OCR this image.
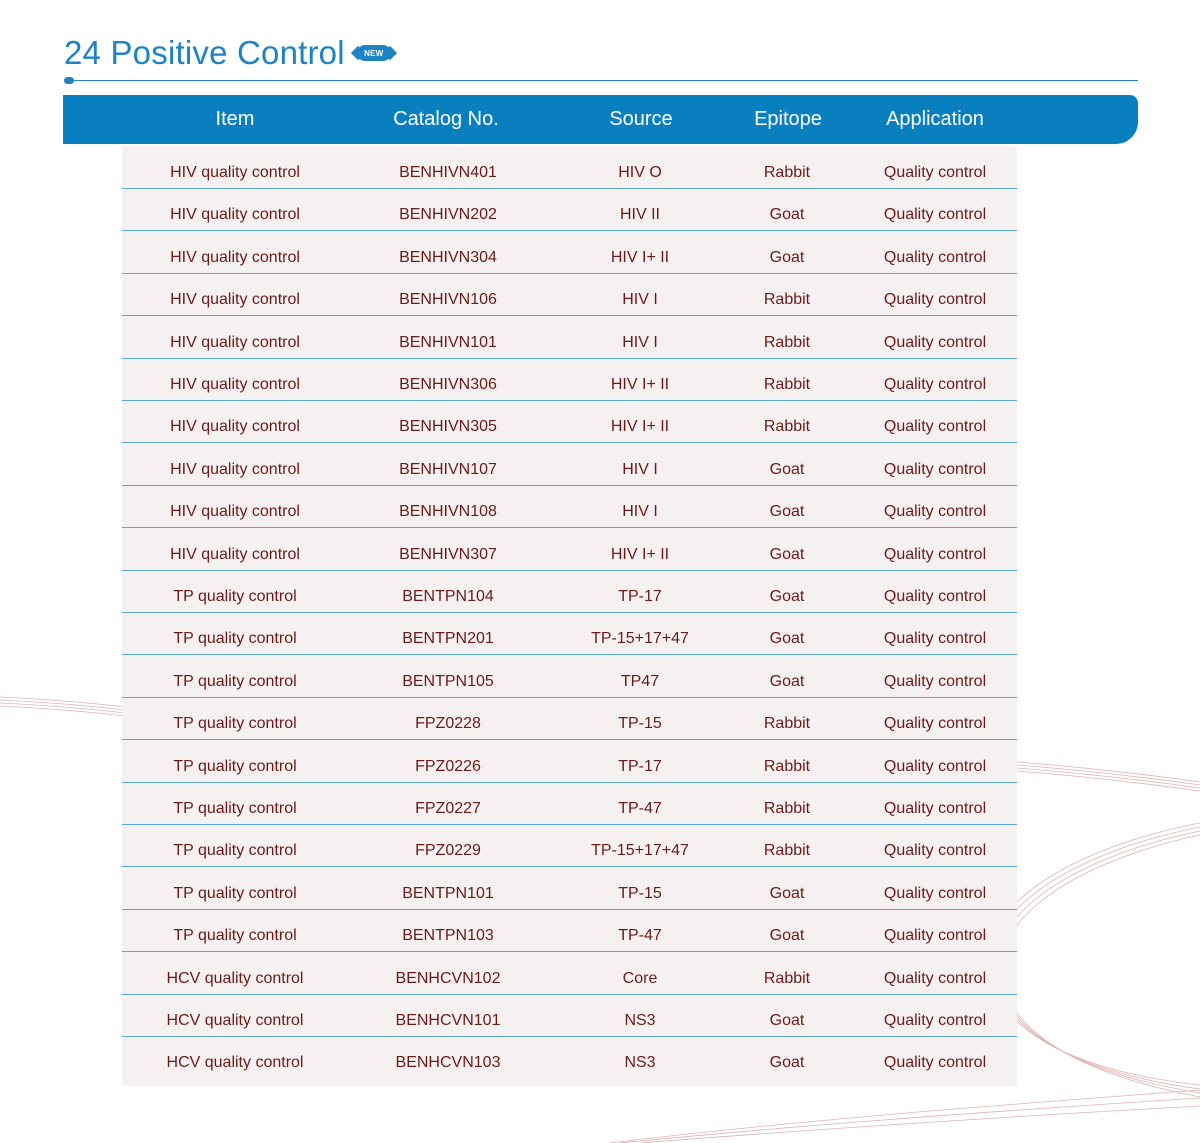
24 Positive Control NEW
Item	Catalog No.	Source	Epitope	Application
HIV quality control	BENHIVN401	HIV O	Rabbit	Quality control
HIV quality control	BENHIVN202	HIV II	Goat	Quality control
HIV quality control	BENHIVN304	HIV I+ II	Goat	Quality control
HIV quality control	BENHIVN106	HIV I	Rabbit	Quality control
HIV quality control	BENHIVN101	HIV I	Rabbit	Quality control
HIV quality control	BENHIVN306	HIV I+ II	Rabbit	Quality control
HIV quality control	BENHIVN305	HIV I+ II	Rabbit	Quality control
HIV quality control	BENHIVN107	HIV I	Goat	Quality control
HIV quality control	BENHIVN108	HIV I	Goat	Quality control
HIV quality control	BENHIVN307	HIV I+ II	Goat	Quality control
TP quality control	BENTPN104	TP-17	Goat	Quality control
TP quality control	BENTPN201	TP-15+17+47	Goat	Quality control
TP quality control	BENTPN105	TP47	Goat	Quality control
TP quality control	FPZ0228	TP-15	Rabbit	Quality control
TP quality control	FPZ0226	TP-17	Rabbit	Quality control
TP quality control	FPZ0227	TP-47	Rabbit	Quality control
TP quality control	FPZ0229	TP-15+17+47	Rabbit	Quality control
TP quality control	BENTPN101	TP-15	Goat	Quality control
TP quality control	BENTPN103	TP-47	Goat	Quality control
HCV quality control	BENHCVN102	Core	Rabbit	Quality control
HCV quality control	BENHCVN101	NS3	Goat	Quality control
HCV quality control	BENHCVN103	NS3	Goat	Quality control
